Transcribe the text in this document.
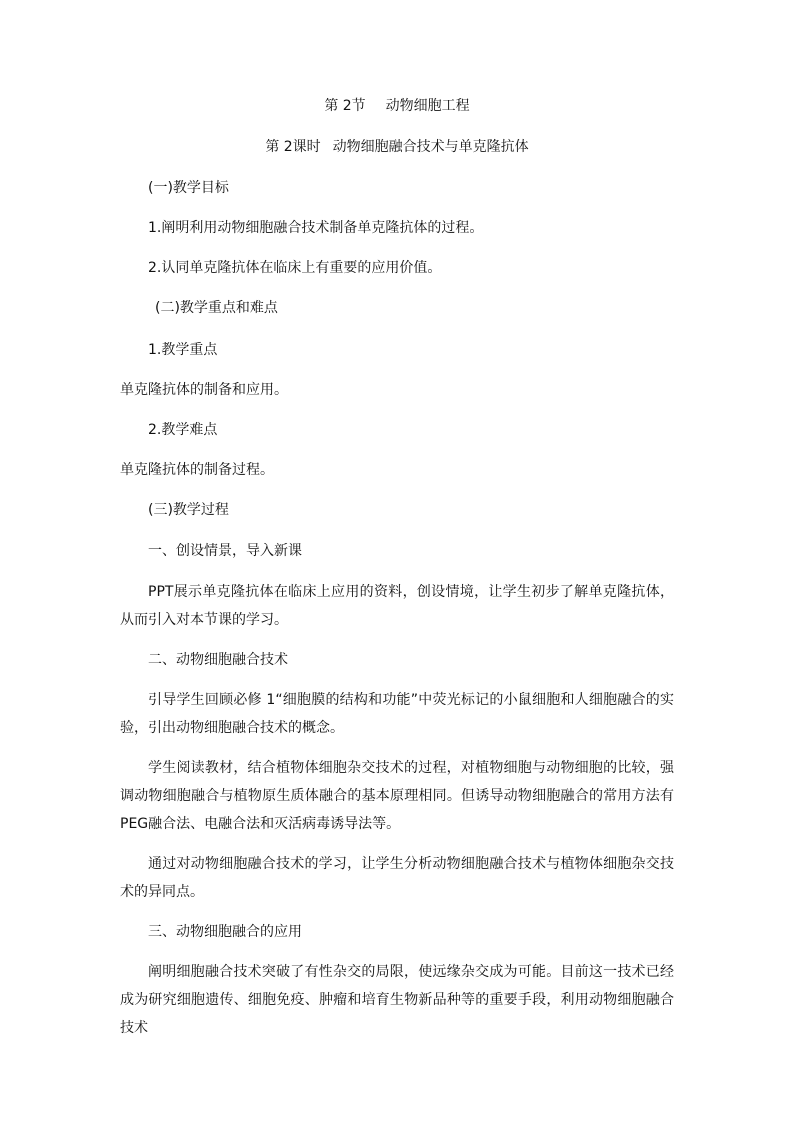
第 2节 动物细胞工程
第 2课时 动物细胞融合技术与单克隆抗体
(一)教学目标
1.阐明利用动物细胞融合技术制备单克隆抗体的过程。
2.认同单克隆抗体在临床上有重要的应用价值。
(二)教学重点和难点
1.教学重点
单克隆抗体的制备和应用。
2.教学难点
单克隆抗体的制备过程。
(三)教学过程
一、创设情景，导入新课
PPT展示单克隆抗体在临床上应用的资料，创设情境，让学生初步了解单克隆抗体，从而引入对本节课的学习。
二、动物细胞融合技术
引导学生回顾必修 1“细胞膜的结构和功能”中荧光标记的小鼠细胞和人细胞融合的实验，引出动物细胞融合技术的概念。
学生阅读教材，结合植物体细胞杂交技术的过程，对植物细胞与动物细胞的比较，强调动物细胞融合与植物原生质体融合的基本原理相同。但诱导动物细胞融合的常用方法有 PEG融合法、电融合法和灭活病毒诱导法等。
通过对动物细胞融合技术的学习，让学生分析动物细胞融合技术与植物体细胞杂交技术的异同点。
三、动物细胞融合的应用
阐明细胞融合技术突破了有性杂交的局限，使远缘杂交成为可能。目前这一技术已经成为研究细胞遗传、细胞免疫、肿瘤和培育生物新品种等的重要手段，利用动物细胞融合技术
